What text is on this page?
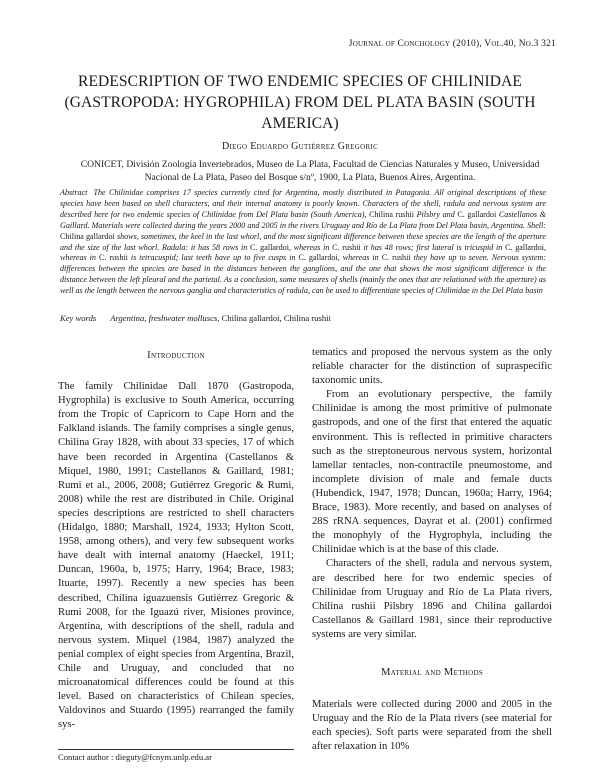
Journal of Conchology (2010), Vol.40, No.3 321
REDESCRIPTION OF TWO ENDEMIC SPECIES OF CHILINIDAE (GASTROPODA: HYGROPHILA) FROM DEL PLATA BASIN (SOUTH AMERICA)
Diego Eduardo Gutiérrez Gregoric
CONICET, División Zoología Invertebrados, Museo de La Plata, Facultad de Ciencias Naturales y Museo, Universidad Nacional de La Plata, Paseo del Bosque s/nº, 1900, La Plata, Buenos Aires, Argentina.
Abstract The Chilinidae comprises 17 species currently cited for Argentina, mostly distributed in Patagonia. All original descriptions of these species have been based on shell characters, and their internal anatomy is poorly known. Characters of the shell, radula and nervous system are described here for two endemic species of Chilinidae from Del Plata basin (South America), Chilina rushii Pilsbry and C. gallardoi Castellanos & Gaillard. Materials were collected during the years 2000 and 2005 in the rivers Uruguay and Río de La Plata from Del Plata basin, Argentina. Shell: Chilina gallardoi shows, sometimes, the keel in the last whorl, and the most significant difference between these species are the length of the aperture and the size of the last whorl. Radula: it has 58 rows in C. gallardoi, whereas in C. rushii it has 48 rows; first lateral is tricuspid in C. gallardoi, whereas in C. rushii is tetracuspid; last teeth have up to five cusps in C. gallardoi, whereas in C. rushii they have up to seven. Nervous system: differences between the species are based in the distances between the ganglions, and the one that shows the most significant difference is the distance between the left pleural and the parietal. As a conclusion, some measures of shells (mainly the ones that are relationed with the aperture) as well as the length between the nervous ganglia and characteristics of radula, can be used to differentiate species of Chilinidae in the Del Plata basin
Key words Argentina, freshwater molluscs, Chilina gallardoi, Chilina rushii
Introduction

The family Chilinidae Dall 1870 (Gastropoda, Hygrophila) is exclusive to South America, occurring from the Tropic of Capricorn to Cape Horn and the Falkland islands. The family comprises a single genus, Chilina Gray 1828, with about 33 species, 17 of which have been recorded in Argentina (Castellanos & Miquel, 1980, 1991; Castellanos & Gaillard, 1981; Rumi et al., 2006, 2008; Gutiérrez Gregoric & Rumi, 2008) while the rest are distributed in Chile. Original species descriptions are restricted to shell characters (Hidalgo, 1880; Marshall, 1924, 1933; Hylton Scott, 1958, among others), and very few subsequent works have dealt with internal anatomy (Haeckel, 1911; Duncan, 1960a, b, 1975; Harry, 1964; Brace, 1983; Ituarte, 1997). Recently a new species has been described, Chilina iguazuensis Gutiérrez Gregoric & Rumi 2008, for the Iguazú river, Misiones province, Argentina, with descriptions of the shell, radula and nervous system. Miquel (1984, 1987) analyzed the penial complex of eight species from Argentina, Brazil, Chile and Uruguay, and concluded that no microanatomical differences could be found at this level. Based on characteristics of Chilean species, Valdovinos and Stuardo (1995) rearranged the family sys-

tematics and proposed the nervous system as the only reliable character for the distinction of supraspecific taxonomic units.

From an evolutionary perspective, the family Chilinidae is among the most primitive of pulmonate gastropods, and one of the first that entered the aquatic environment. This is reflected in primitive characters such as the streptoneurous nervous system, horizontal lamellar tentacles, non-contractile pneumostome, and incomplete division of male and female ducts (Hubendick, 1947, 1978; Duncan, 1960a; Harry, 1964; Brace, 1983). More recently, and based on analyses of 28S rRNA sequences, Dayrat et al. (2001) confirmed the monophyly of the Hygrophyla, including the Chilinidae which is at the base of this clade.

Characters of the shell, radula and nervous system, are described here for two endemic species of Chilinidae from Uruguay and Río de La Plata rivers, Chilina rushii Pilsbry 1896 and Chilina gallardoi Castellanos & Gaillard 1981, since their reproductive systems are very similar.

Material and Methods

Materials were collected during 2000 and 2005 in the Uruguay and the Río de la Plata rivers (see material for each species). Soft parts were separated from the shell after relaxation in 10%

Contact author : dieguty@fcnym.unlp.edu.ar
